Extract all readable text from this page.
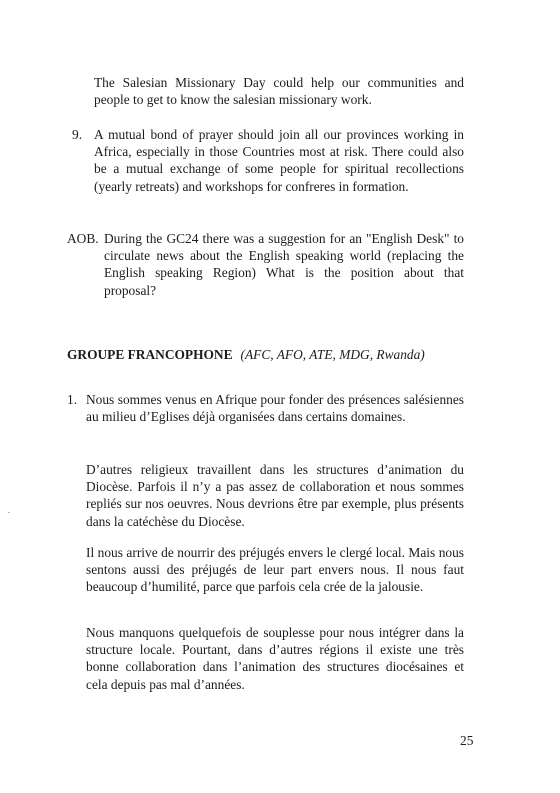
The Salesian Missionary Day could help our communities and people to get to know the salesian missionary work.

9. A mutual bond of prayer should join all our provinces working in Africa, especially in those Countries most at risk. There could also be a mutual exchange of some people for spiritual recollections (yearly retreats) and workshops for confreres in formation.

AOB. During the GC24 there was a suggestion for an "English Desk" to circulate news about the English speaking world (replacing the English speaking Region) What is the position about that proposal?

GROUPE FRANCOPHONE (AFC, AFO, ATE, MDG, Rwanda)
1. Nous sommes venus en Afrique pour fonder des présences salésiennes au milieu d’Eglises déjà organisées dans certains domaines.

D’autres religieux travaillent dans les structures d’animation du Diocèse. Parfois il n’y a pas assez de collaboration et nous sommes repliés sur nos oeuvres. Nous devrions être par exemple, plus présents dans la catéchèse du Diocèse.

Il nous arrive de nourrir des préjugés envers le clergé local. Mais nous sentons aussi des préjugés de leur part envers nous. Il nous faut beaucoup d’humilité, parce que parfois cela crée de la jalousie.

Nous manquons quelquefois de souplesse pour nous intégrer dans la structure locale. Pourtant, dans d’autres régions il existe une très bonne collaboration dans l’animation des structures diocésaines et cela depuis pas mal d’années.

25
